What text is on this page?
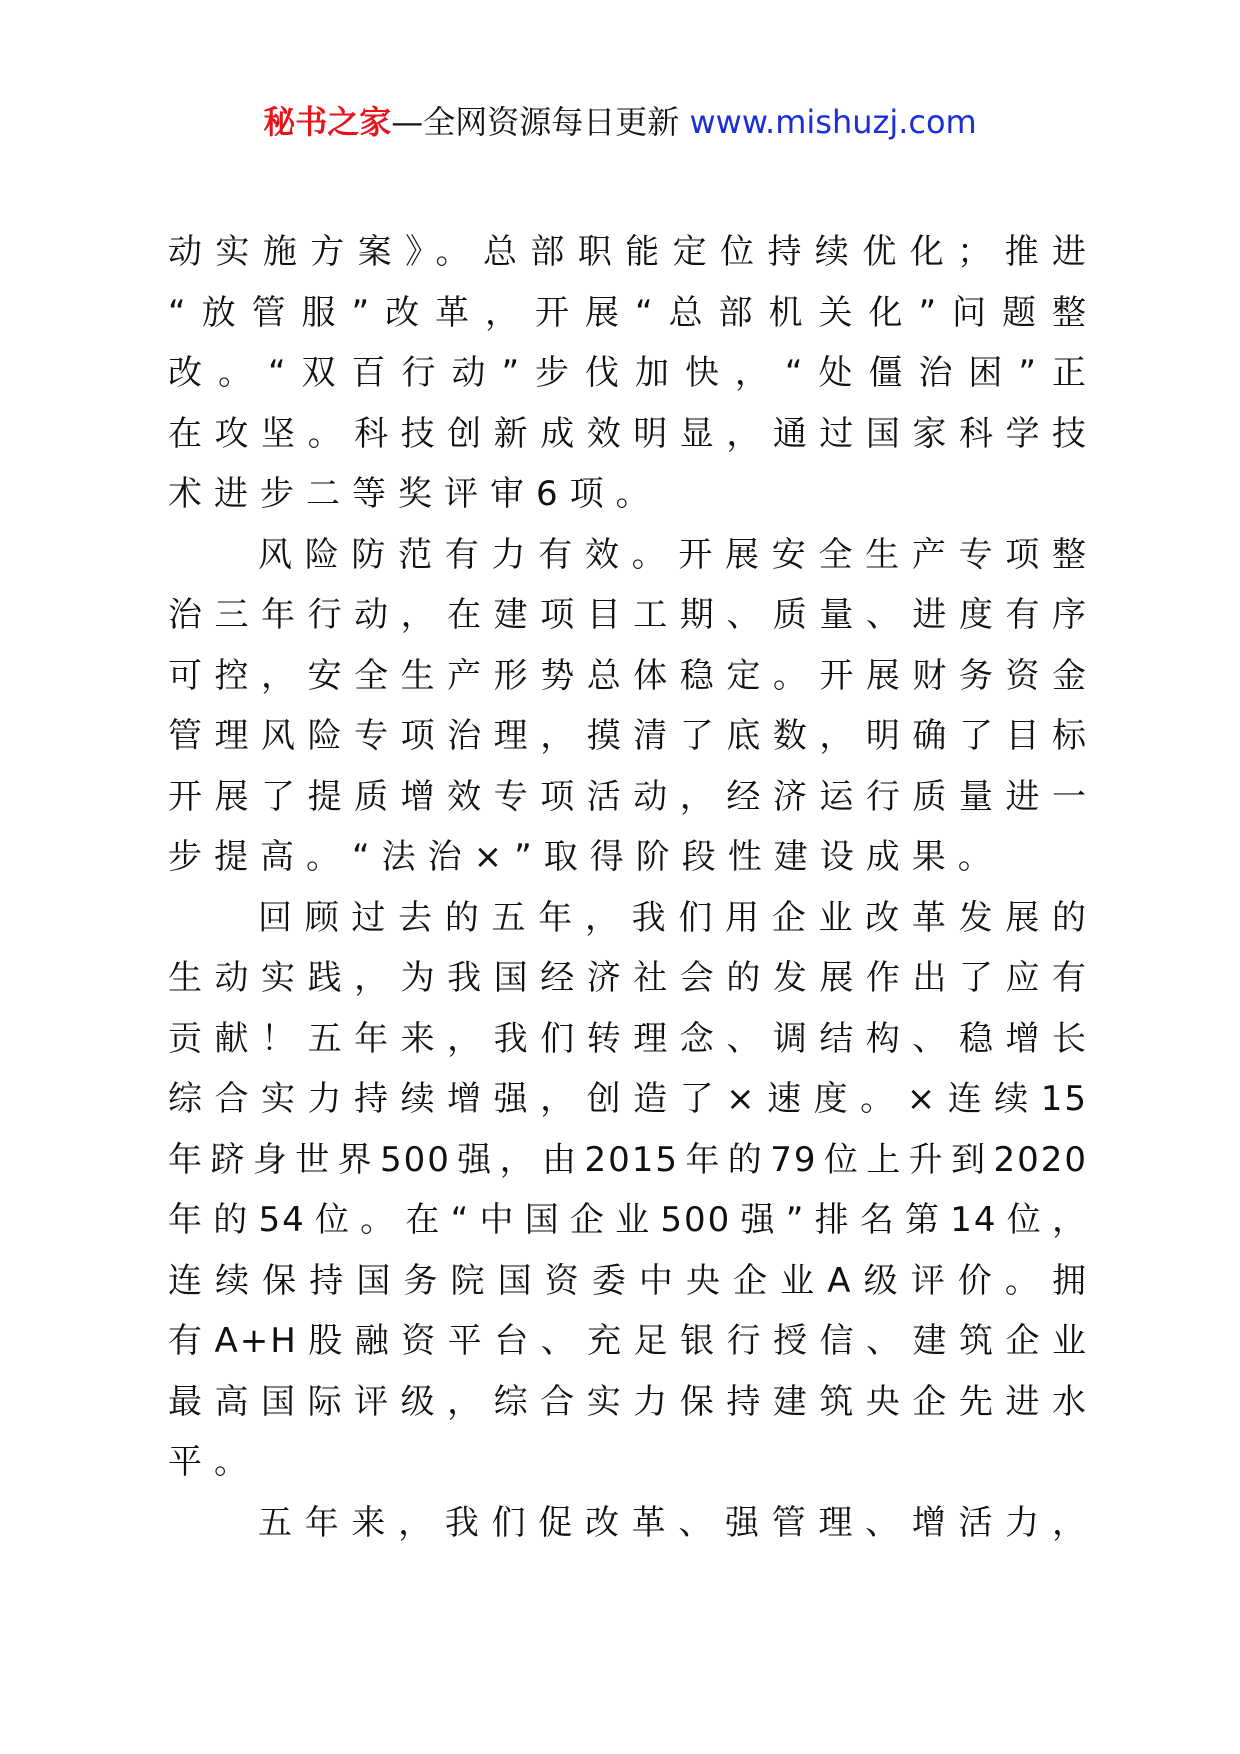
秘书之家—全网资源每日更新 www.mishuzj.com
动实施方案》。总部职能定位持续优化；推进
“放管服”改革，开展“总部机关化”问题整
改。“双百行动”步伐加快，“处僵治困”正
在攻坚。科技创新成效明显，通过国家科学技
术进步二等奖评审6项。
风险防范有力有效。开展安全生产专项整
治三年行动，在建项目工期、质量、进度有序
可控，安全生产形势总体稳定。开展财务资金
管理风险专项治理，摸清了底数，明确了目标
开展了提质增效专项活动，经济运行质量进一
步提高。“法治×”取得阶段性建设成果。
回顾过去的五年，我们用企业改革发展的
生动实践，为我国经济社会的发展作出了应有
贡献！五年来，我们转理念、调结构、稳增长
综合实力持续增强，创造了×速度。×连续15
年跻身世界500强，由2015年的79位上升到2020
年的54位。在“中国企业500强”排名第14位，
连续保持国务院国资委中央企业A级评价。拥
有A+H股融资平台、充足银行授信、建筑企业
最高国际评级，综合实力保持建筑央企先进水
平。
五年来，我们促改革、强管理、增活力，
